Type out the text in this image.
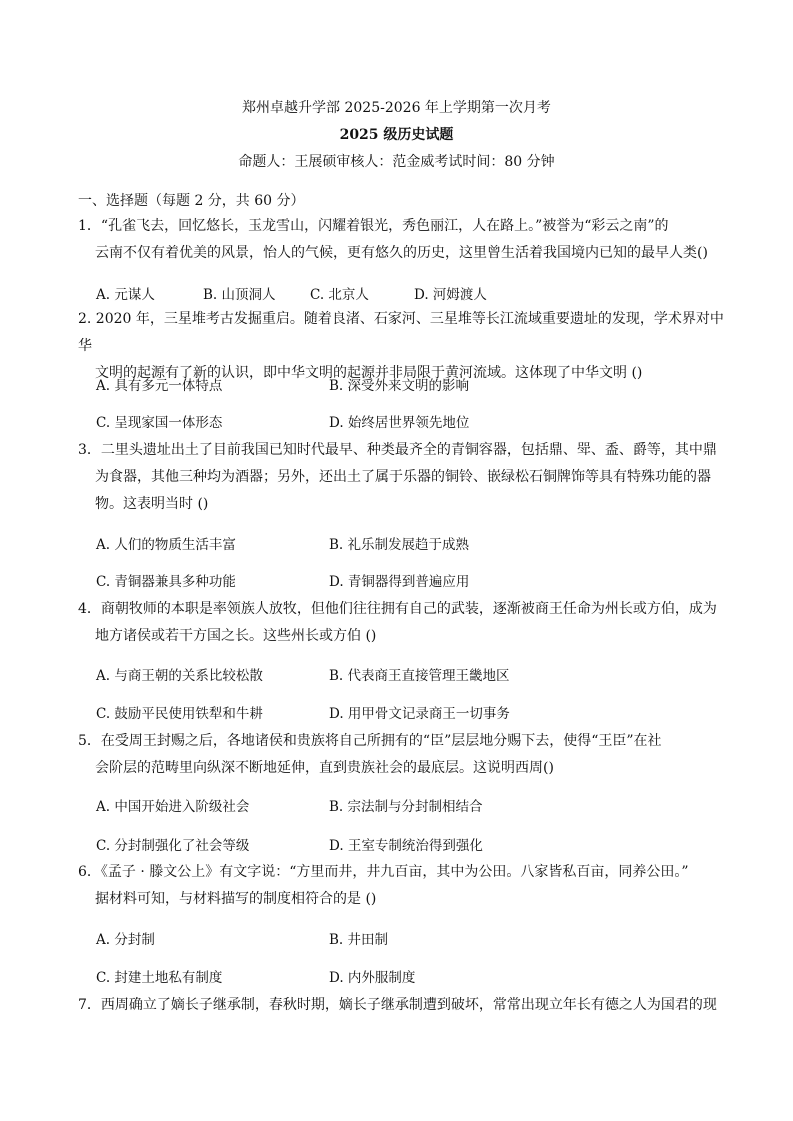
郑州卓越升学部 2025-2026 年上学期第一次月考
2025 级历史试题
命题人：王展硕审核人：范金威考试时间：80 分钟
一、选择题（每题 2 分，共 60 分）
1．“孔雀飞去，回忆悠长，玉龙雪山，闪耀着银光，秀色丽江，人在路上。”被誉为“彩云之南”的
云南不仅有着优美的风景，怡人的气候，更有悠久的历史，这里曾生活着我国境内已知的最早人类()
A. 元谋人	B. 山顶洞人	C. 北京人	D. 河姆渡人
2. 2020 年，三星堆考古发掘重启。随着良渚、石家河、三星堆等长江流域重要遗址的发现，学术界对中华
文明的起源有了新的认识，即中华文明的起源并非局限于黄河流域。这体现了中华文明 ()
A. 具有多元一体特点	B. 深受外来文明的影响
C. 呈现家国一体形态	D. 始终居世界领先地位
3．二里头遗址出土了目前我国已知时代最早、种类最齐全的青铜容器，包括鼎、斝、盉、爵等，其中鼎
为食器，其他三种均为酒器；另外，还出土了属于乐器的铜铃、嵌绿松石铜牌饰等具有特殊功能的器
物。这表明当时 ()
A. 人们的物质生活丰富	B. 礼乐制发展趋于成熟
C. 青铜器兼具多种功能	D. 青铜器得到普遍应用
4．商朝牧师的本职是率领族人放牧，但他们往往拥有自己的武装，逐渐被商王任命为州长或方伯，成为
地方诸侯或若干方国之长。这些州长或方伯 ()
A. 与商王朝的关系比较松散	B. 代表商王直接管理王畿地区
C. 鼓励平民使用铁犁和牛耕	D. 用甲骨文记录商王一切事务
5．在受周王封赐之后，各地诸侯和贵族将自己所拥有的“臣”层层地分赐下去，使得“王臣”在社
会阶层的范畴里向纵深不断地延伸，直到贵族社会的最底层。这说明西周()
A. 中国开始进入阶级社会	B. 宗法制与分封制相结合
C. 分封制强化了社会等级	D. 王室专制统治得到强化
6．《孟子 · 滕文公上》有文字说：“方里而井，井九百亩，其中为公田。八家皆私百亩，同养公田。”
据材料可知，与材料描写的制度相符合的是 ()
A. 分封制	B. 井田制
C. 封建土地私有制度	D. 内外服制度
7．西周确立了嫡长子继承制，春秋时期，嫡长子继承制遭到破坏，常常出现立年长有德之人为国君的现
